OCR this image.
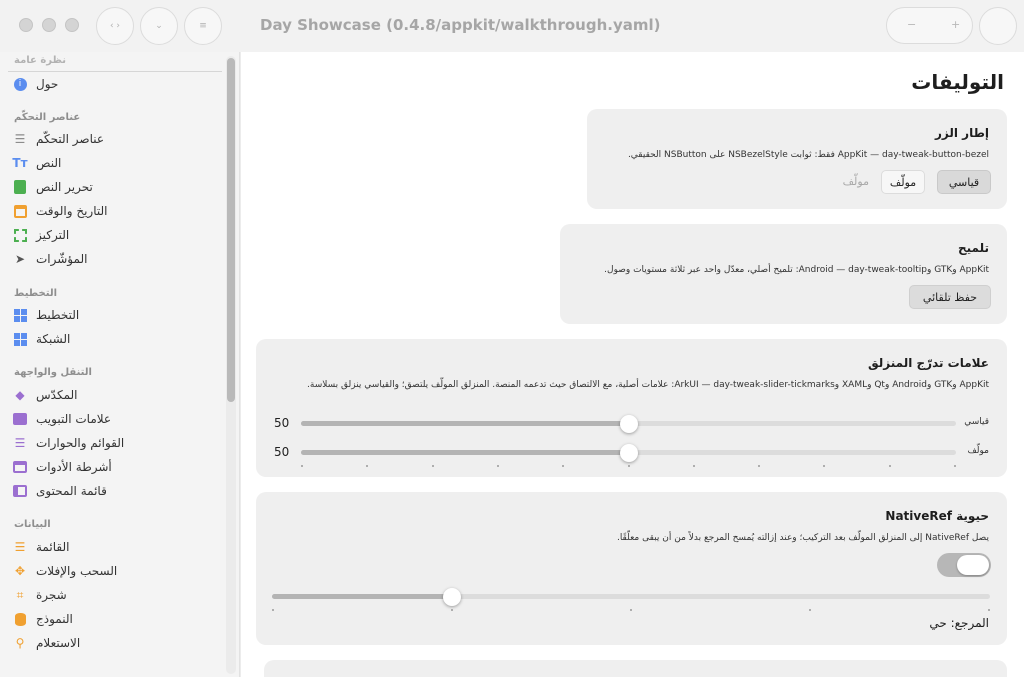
‹ ›	⌄	≡	Day Showcase (0.4.8/appkit/walkthrough.yaml)	−	+
نظرة عامة
i	حول
عناصر التحكّم
☰ عناصر التحكّم
Tт النص
تحرير النص
التاريخ والوقت
التركيز
➤ المؤشّرات
التخطيط
التخطيط
الشبكة
التنقل والواجهة
◆ المكدّس
علامات التبويب
☰ القوائم والحوارات
أشرطة الأدوات
قائمة المحتوى
البيانات
☰ القائمة
✥ السحب والإفلات
⌗	شجرة
النموذج
⚲ الاستعلام
التوليفات
إطار الزر
AppKit — day-tweak-button-bezel فقط: ثوابت NSBezelStyle على NSButton الحقيقي.
قياسي
مولّف
مولّف
تلميح
AppKit وGTK وAndroid — day-tweak-tooltip: تلميح أصلي، معدّل واحد عبر ثلاثة مستويات وصول.
حفظ تلقائي
علامات تدرّج المنزلق
AppKit وGTK وAndroid وQt وXAML وArkUI — day-tweak-slider-tickmarks: علامات أصلية، مع الالتصاق حيث تدعمه المنصة. المنزلق المولّف يلتصق؛ والقياسي ينزلق بسلاسة.
قياسي
50
مولّف
50
حيوية NativeRef
يصل NativeRef إلى المنزلق المولّف بعد التركيب؛ وعند إزالته يُمسح المرجع بدلاً من أن يبقى معلّقًا.
المرجع: حي
